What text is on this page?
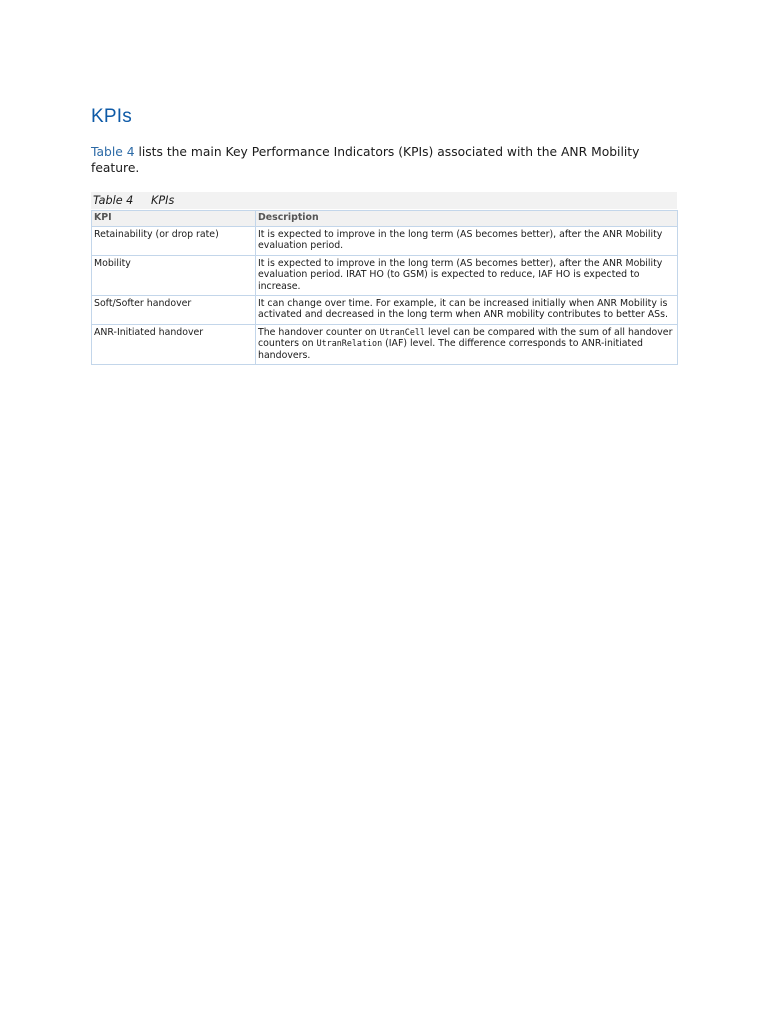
KPIs

Table 4 lists the main Key Performance Indicators (KPIs) associated with the ANR Mobility feature.

Table 4     KPIs

KPI	Description
Retainability (or drop rate)	It is expected to improve in the long term (AS becomes better), after the ANR Mobility evaluation period.
Mobility	It is expected to improve in the long term (AS becomes better), after the ANR Mobility evaluation period. IRAT HO (to GSM) is expected to reduce, IAF HO is expected to increase.
Soft/Softer handover	It can change over time. For example, it can be increased initially when ANR Mobility is activated and decreased in the long term when ANR mobility contributes to better ASs.
ANR-Initiated handover	The handover counter on UtranCell level can be compared with the sum of all handover counters on UtranRelation (IAF) level. The difference corresponds to ANR-initiated handovers.
